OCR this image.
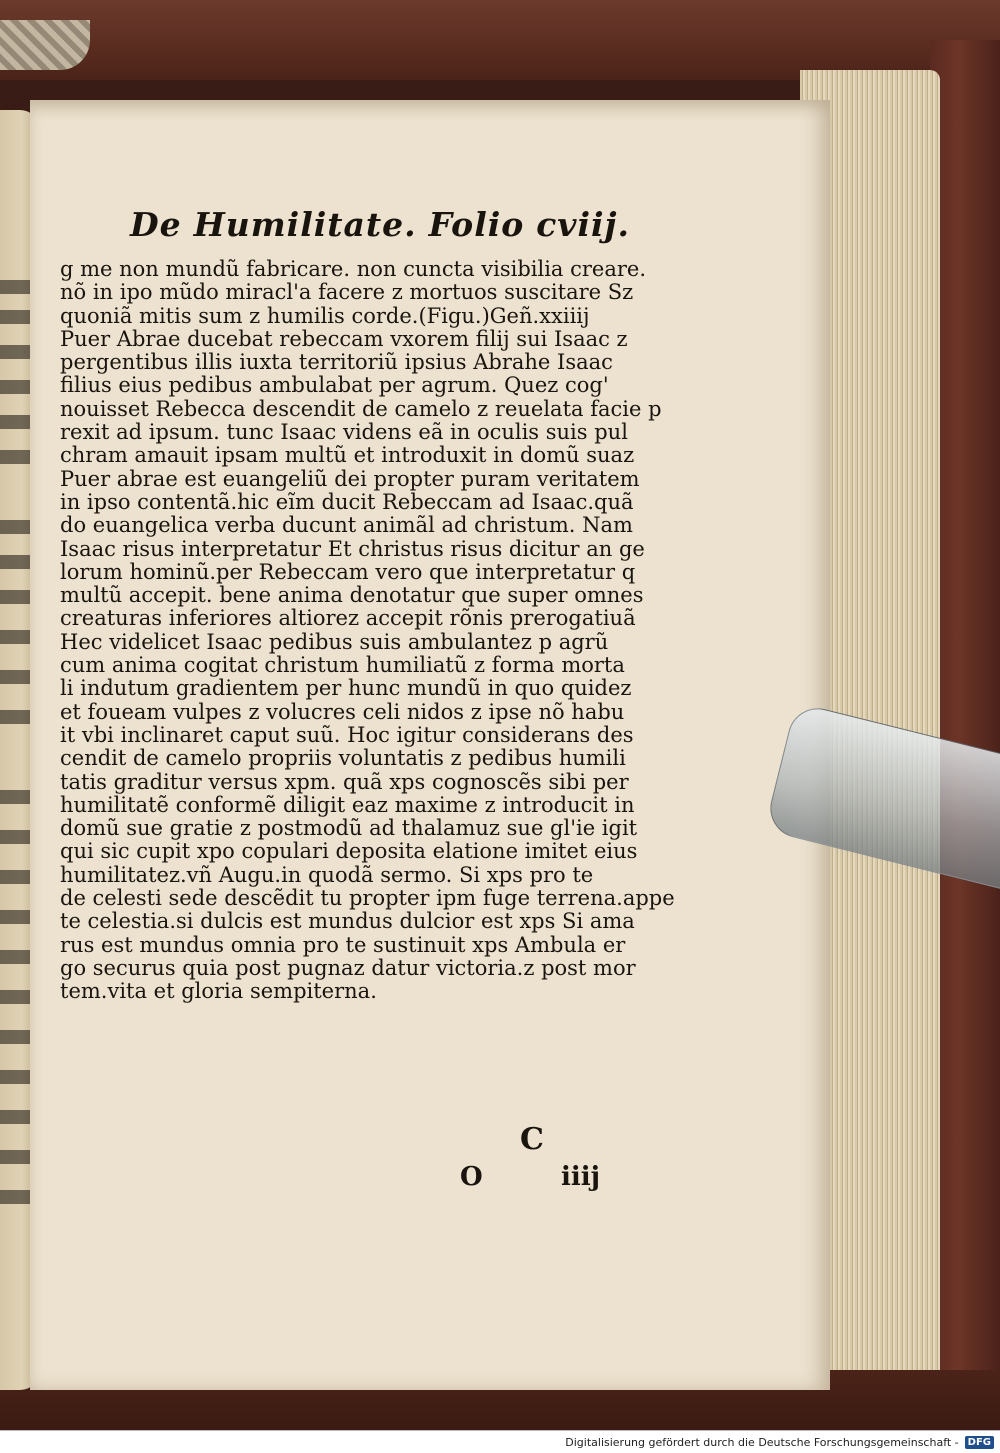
De Humilitate. Folio cviij.
g me non mundũ fabricare. non cuncta visibilia creare.
nõ in ipo mũdo miracl'a facere z mortuos suscitare Sz
quoniã mitis sum z humilis corde.(Figu.)Geñ.xxiiij
Puer Abrae ducebat rebeccam vxorem filij sui Isaac z
pergentibus illis iuxta territoriũ ipsius Abrahe Isaac
filius eius pedibus ambulabat per agrum. Quez cog'
nouisset Rebecca descendit de camelo z reuelata facie p
rexit ad ipsum. tunc Isaac videns eã in oculis suis pul
chram amauit ipsam multũ et introduxit in domũ suaz
Puer abrae est euangeliũ dei propter puram veritatem
in ipso contentã.hic eĩm ducit Rebeccam ad Isaac.quã
do euangelica verba ducunt animãl ad christum. Nam
Isaac risus interpretatur Et christus risus dicitur an ge
lorum hominũ.per Rebeccam vero que interpretatur q
multũ accepit. bene anima denotatur que super omnes
creaturas inferiores altiorez accepit rõnis prerogatiuã
Hec videlicet Isaac pedibus suis ambulantez p agrũ
cum anima cogitat christum humiliatũ z forma morta
li indutum gradientem per hunc mundũ in quo quidez
et foueam vulpes z volucres celi nidos z ipse nõ habu
it vbi inclinaret caput suũ. Hoc igitur considerans des
cendit de camelo propriis voluntatis z pedibus humili
tatis graditur versus xpm. quã xps cognoscẽs sibi per
humilitatẽ conformẽ diligit eaz maxime z introducit in
domũ sue gratie z postmodũ ad thalamuz sue gl'ie igit
qui sic cupit xpo copulari deposita elatione imitet eius
humilitatez.vñ Augu.in quodã sermo. Si xps pro te
de celesti sede descẽdit tu propter ipm fuge terrena.appe
te celestia.si dulcis est mundus dulcior est xps Si ama
rus est mundus omnia pro te sustinuit xps Ambula er
go securus quia post pugnaz datur victoria.z post mor
tem.vita et gloria sempiterna.
C
O	iiij
Digitalisierung gefördert durch die Deutsche Forschungsgemeinschaft - DFG
